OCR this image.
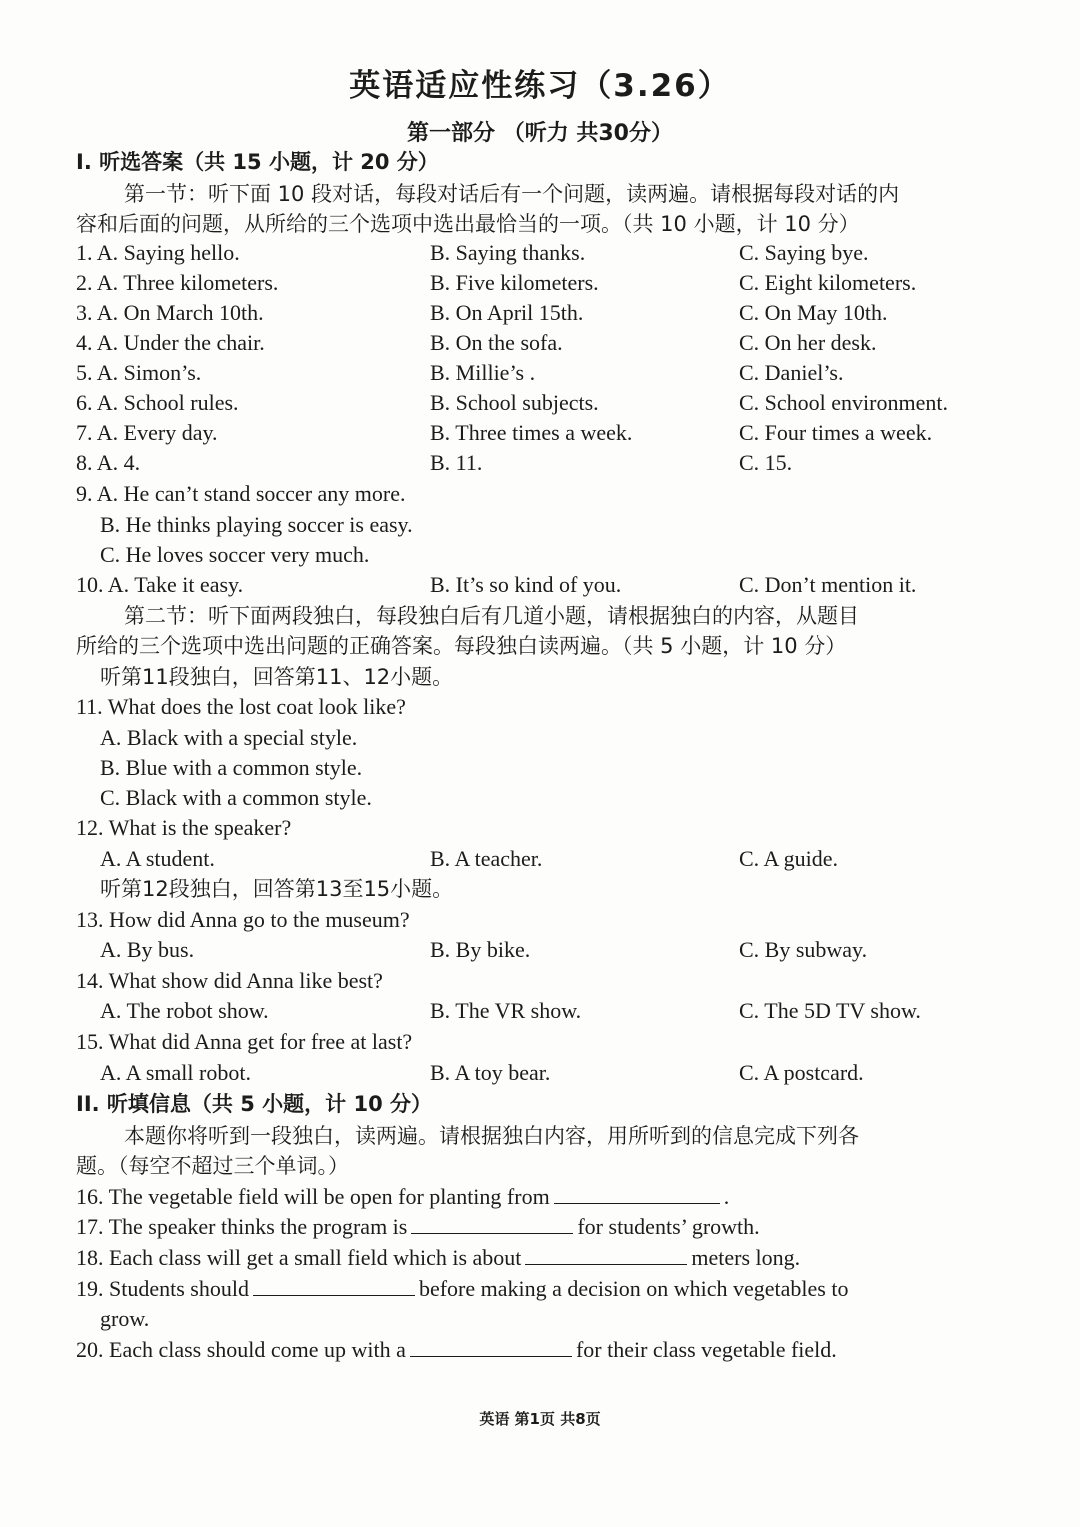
英语适应性练习（3.26）
第一部分 （听力 共30分）
I. 听选答案（共 15 小题，计 20 分）
第一节：听下面 10 段对话，每段对话后有一个问题，读两遍。请根据每段对话的内
容和后面的问题，从所给的三个选项中选出最恰当的一项。（共 10 小题，计 10 分）
1. A. Saying hello.	B. Saying thanks.	C. Saying bye.
2. A. Three kilometers.	B. Five kilometers.	C. Eight kilometers.
3. A. On March 10th.	B. On April 15th.	C. On May 10th.
4. A. Under the chair.	B. On the sofa.	C. On her desk.
5. A. Simon’s.	B. Millie’s .	C. Daniel’s.
6. A. School rules.	B. School subjects.	C. School environment.
7. A. Every day.	B. Three times a week.	C. Four times a week.
8. A. 4.	B. 11.	C. 15.
9. A. He can’t stand soccer any more.
B. He thinks playing soccer is easy.
C. He loves soccer very much.
10. A. Take it easy.	B. It’s so kind of you.	C. Don’t mention it.
第二节：听下面两段独白，每段独白后有几道小题，请根据独白的内容，从题目
所给的三个选项中选出问题的正确答案。每段独白读两遍。（共 5 小题，计 10 分）
听第11段独白，回答第11、12小题。
11. What does the lost coat look like?
A. Black with a special style.
B. Blue with a common style.
C. Black with a common style.
12. What is the speaker?
A. A student.	B. A teacher.	C. A guide.
听第12段独白，回答第13至15小题。
13. How did Anna go to the museum?
A. By bus.	B. By bike.	C. By subway.
14. What show did Anna like best?
A. The robot show.	B. The VR show.	C. The 5D TV show.
15. What did Anna get for free at last?
A. A small robot.	B. A toy bear.	C. A postcard.
II. 听填信息（共 5 小题，计 10 分）
本题你将听到一段独白，读两遍。请根据独白内容，用所听到的信息完成下列各
题。（每空不超过三个单词。）
16. The vegetable field will be open for planting from	.
17. The speaker thinks the program is	for students’ growth.
18. Each class will get a small field which is about	meters long.
19. Students should	before making a decision on which vegetables to
grow.
20. Each class should come up with a	for their class vegetable field.
英语 第1页 共8页
